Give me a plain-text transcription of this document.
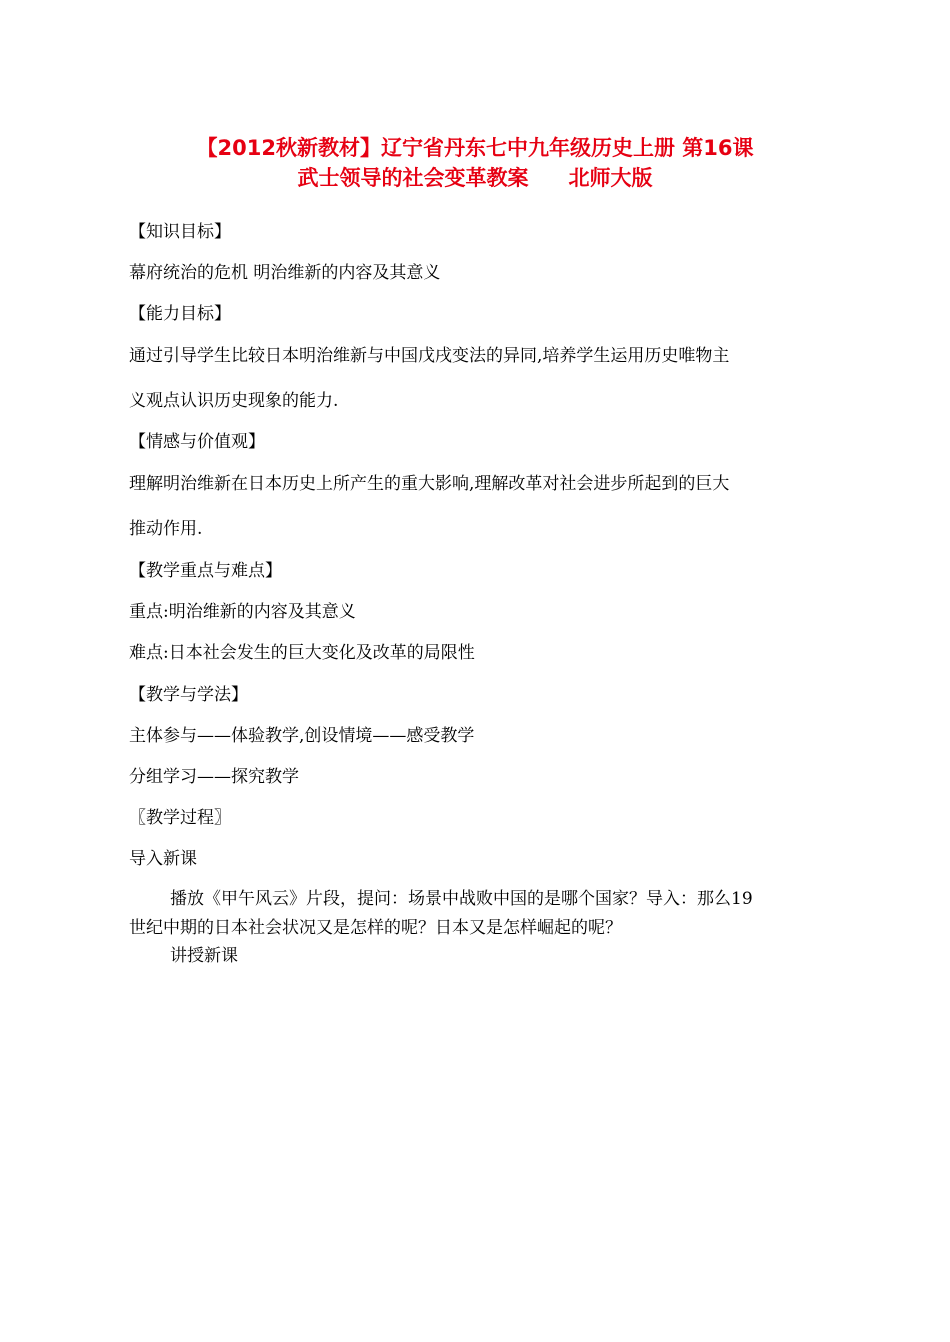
【2012秋新教材】辽宁省丹东七中九年级历史上册 第16课
武士领导的社会变革教案 北师大版
【知识目标】
幕府统治的危机 明治维新的内容及其意义
【能力目标】
通过引导学生比较日本明治维新与中国戊戌变法的异同,培养学生运用历史唯物主
义观点认识历史现象的能力.
【情感与价值观】
理解明治维新在日本历史上所产生的重大影响,理解改革对社会进步所起到的巨大
推动作用.
【教学重点与难点】
重点:明治维新的内容及其意义
难点:日本社会发生的巨大变化及改革的局限性
【教学与学法】
主体参与——体验教学,创设情境——感受教学
分组学习——探究教学
〖教学过程〗
导入新课
播放《甲午风云》片段，提问：场景中战败中国的是哪个国家？导入：那么19
世纪中期的日本社会状况又是怎样的呢？日本又是怎样崛起的呢？
讲授新课
